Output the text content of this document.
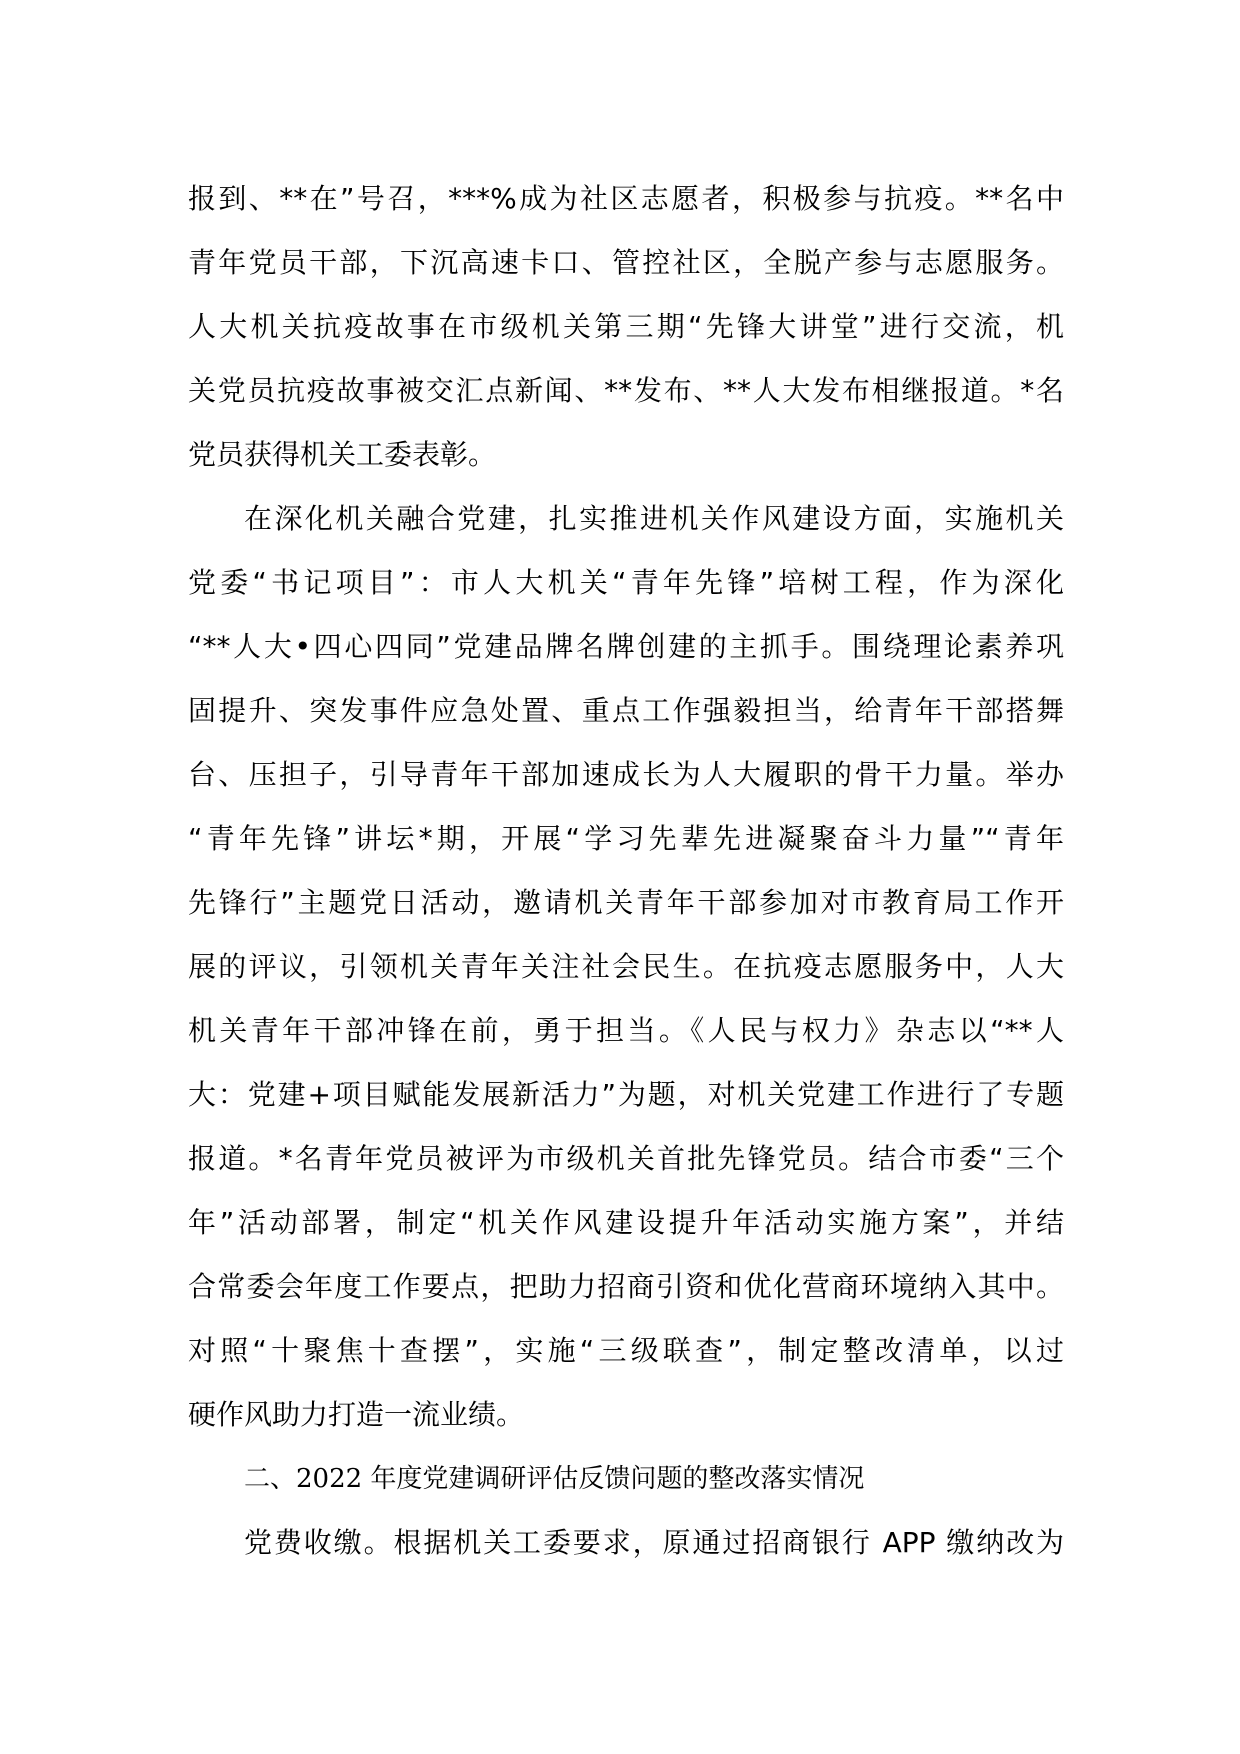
报到、**在”号召，***%成为社区志愿者，积极参与抗疫。**名中
青年党员干部，下沉高速卡口、管控社区，全脱产参与志愿服务。
人大机关抗疫故事在市级机关第三期“先锋大讲堂”进行交流，机
关党员抗疫故事被交汇点新闻、**发布、**人大发布相继报道。*名
党员获得机关工委表彰。
在深化机关融合党建，扎实推进机关作风建设方面，实施机关
党委“书记项目”：市人大机关“青年先锋”培树工程，作为深化
“**人大•四心四同”党建品牌名牌创建的主抓手。围绕理论素养巩
固提升、突发事件应急处置、重点工作强毅担当，给青年干部搭舞
台、压担子，引导青年干部加速成长为人大履职的骨干力量。举办
“青年先锋”讲坛*期，开展“学习先辈先进凝聚奋斗力量”“青年
先锋行”主题党日活动，邀请机关青年干部参加对市教育局工作开
展的评议，引领机关青年关注社会民生。在抗疫志愿服务中，人大
机关青年干部冲锋在前，勇于担当。《人民与权力》杂志以“**人
大：党建+项目赋能发展新活力”为题，对机关党建工作进行了专题
报道。*名青年党员被评为市级机关首批先锋党员。结合市委“三个
年”活动部署，制定“机关作风建设提升年活动实施方案”，并结
合常委会年度工作要点，把助力招商引资和优化营商环境纳入其中。
对照“十聚焦十查摆”，实施“三级联查”，制定整改清单，以过
硬作风助力打造一流业绩。
二、2022 年度党建调研评估反馈问题的整改落实情况
党费收缴。根据机关工委要求，原通过招商银行 APP 缴纳改为
